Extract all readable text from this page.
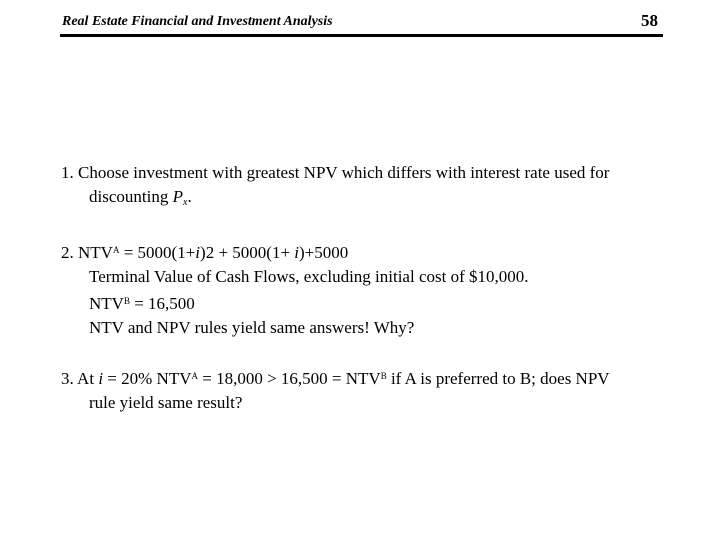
Real Estate Financial and Investment Analysis	58
1. Choose investment with greatest NPV which differs with interest rate used for
discounting Px.
2. $NTV^A = 5000(1+i)2 + 5000(1+ i)+5000$
Terminal Value of Cash Flows, excluding initial cost of $10,000.
$NTV^B = 16,500$
NTV and NPV rules yield same answers! Why?
3. At i = 20% $NTV^A = 18,000 > 16,500 = NTV^B$ if A is preferred to B; does NPV
rule yield same result?
